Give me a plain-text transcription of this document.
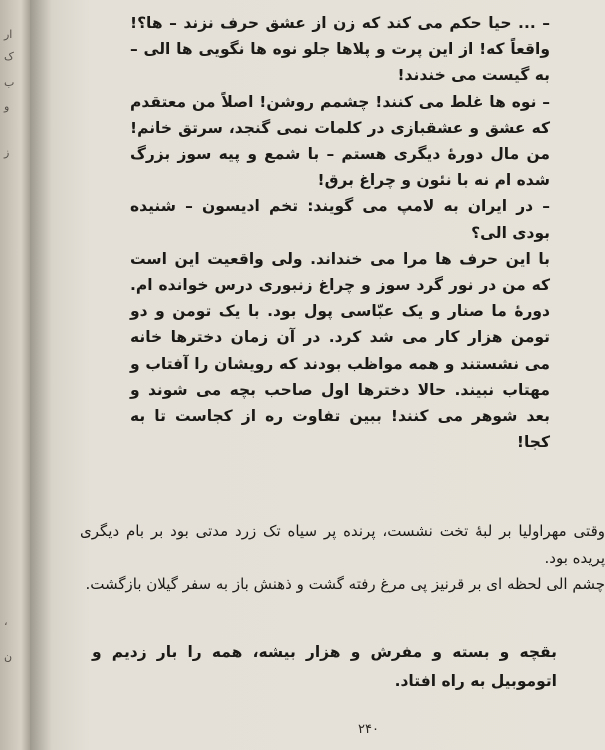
ار
ک
ب
و
ز
،
ن

– ... حیا حکم می کند که زن از عشق حرف نزند – ها؟! واقعاً که! از این پرت و پلاها جلو نوه ها نگویی ها الی – به گیست می خندند!

– نوه ها غلط می کنند! چشمم روشن! اصلاً من معتقدم که عشق و عشقبازی در کلمات نمی گنجد، سرتق خانم! من مال دورهٔ دیگری هستم – با شمع و پیه سوز بزرگ شده ام نه با نئون و چراغ برق!

– در ایران به لامپ می گویند: تخم ادیسون – شنیده بودی الی؟

با این حرف ها مرا می خنداند. ولی واقعیت این است که من در نور گرد سوز و چراغ زنبوری درس خوانده ام. دورهٔ ما صنار و یک عبّاسی پول بود. با یک تومن و دو تومن هزار کار می شد کرد. در آن زمان دخترها خانه می نشستند و همه مواظب بودند که رویشان را آفتاب و مهتاب نبیند. حالا دخترها اول صاحب بچه می شوند و بعد شوهر می کنند! ببین تفاوت ره از کجاست تا به کجا!

وقتی مهراولیا بر لبهٔ تخت نشست، پرنده پر سیاه تک زرد مدتی بود بر بام دیگری پریده بود.

چشم الی لحظه ای بر قرنیز پی مرغ رفته گشت و ذهنش باز به سفر گیلان بازگشت.

بقچه و بسته و مفرش و هزار بیشه، همه را بار زدیم و اتوموبیل به راه افتاد.

۲۴۰
